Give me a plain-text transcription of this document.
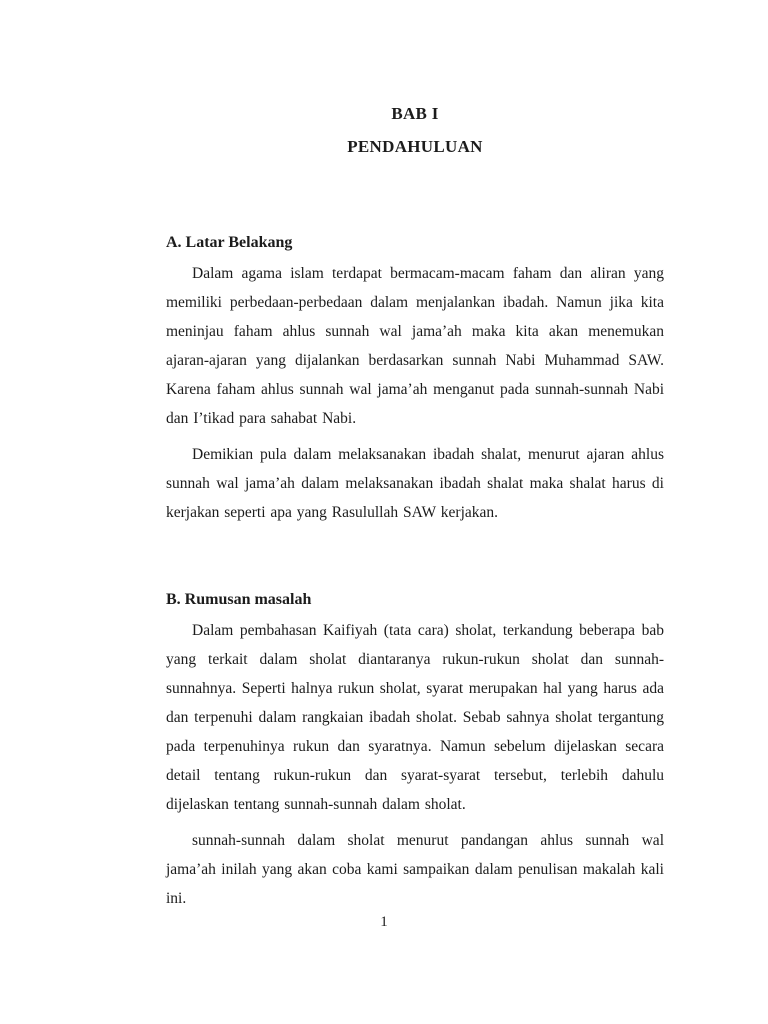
BAB I
PENDAHULUAN
A. Latar Belakang

Dalam agama islam terdapat bermacam-macam faham dan aliran yang memiliki perbedaan-perbedaan dalam menjalankan ibadah. Namun jika kita meninjau faham ahlus sunnah wal jama’ah maka kita akan menemukan ajaran-ajaran yang dijalankan berdasarkan sunnah Nabi Muhammad SAW. Karena faham ahlus sunnah wal jama’ah menganut pada sunnah-sunnah Nabi dan I’tikad para sahabat Nabi.

Demikian pula dalam melaksanakan ibadah shalat, menurut ajaran ahlus sunnah wal jama’ah dalam melaksanakan ibadah shalat maka shalat harus di kerjakan seperti apa yang Rasulullah SAW kerjakan.

B. Rumusan masalah

Dalam pembahasan Kaifiyah (tata cara) sholat, terkandung beberapa bab yang terkait dalam sholat diantaranya rukun-rukun sholat dan sunnah-sunnahnya. Seperti halnya rukun sholat, syarat merupakan hal yang harus ada dan terpenuhi dalam rangkaian ibadah sholat. Sebab sahnya sholat tergantung pada terpenuhinya rukun dan syaratnya. Namun sebelum dijelaskan secara detail tentang rukun-rukun dan syarat-syarat tersebut, terlebih dahulu dijelaskan tentang sunnah-sunnah dalam sholat.

sunnah-sunnah dalam sholat menurut pandangan ahlus sunnah wal jama’ah inilah yang akan coba kami sampaikan dalam penulisan makalah kali ini.

1
